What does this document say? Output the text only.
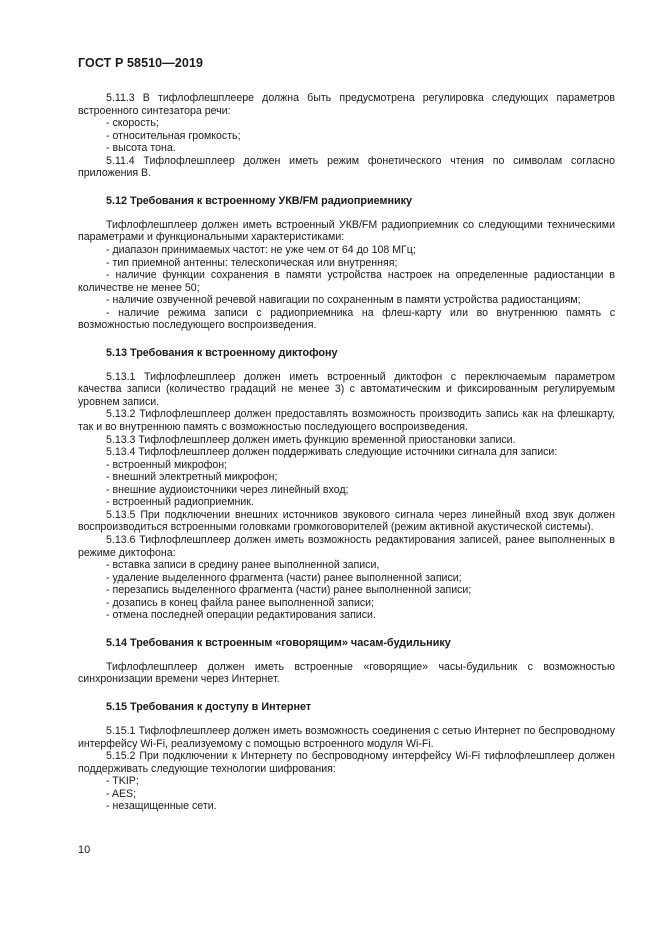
ГОСТ Р 58510—2019

5.11.3 В тифлофлешплеере должна быть предусмотрена регулировка следующих параметров встроенного синтезатора речи:

- скорость;

- относительная громкость;

- высота тона.

5.11.4 Тифлофлешплеер должен иметь режим фонетического чтения по символам согласно приложения В.

5.12 Требования к встроенному УКВ/FM радиоприемнику

Тифлофлешплеер должен иметь встроенный УКВ/FM радиоприемник со следующими техническими параметрами и функциональными характеристиками:

- диапазон принимаемых частот: не уже чем от 64 до 108 МГц;

- тип приемной антенны: телескопическая или внутренняя;

- наличие функции сохранения в памяти устройства настроек на определенные радиостанции в количестве не менее 50;

- наличие озвученной речевой навигации по сохраненным в памяти устройства радиостанциям;

- наличие режима записи с радиоприемника на флеш-карту или во внутреннюю память с возможностью последующего воспроизведения.

5.13 Требования к встроенному диктофону

5.13.1 Тифлофлешплеер должен иметь встроенный диктофон с переключаемым параметром качества записи (количество градаций не менее 3) с автоматическим и фиксированным регулируемым уровнем записи.

5.13.2 Тифлофлешплеер должен предоставлять возможность производить запись как на флешкарту, так и во внутреннюю память с возможностью последующего воспроизведения.

5.13.3 Тифлофлешплеер должен иметь функцию временной приостановки записи.

5.13.4 Тифлофлешплеер должен поддерживать следующие источники сигнала для записи:

- встроенный микрофон;

- внешний электретный микрофон;

- внешние аудиоисточники через линейный вход;

- встроенный радиоприемник.

5.13.5 При подключении внешних источников звукового сигнала через линейный вход звук должен воспроизводиться встроенными головками громкоговорителей (режим активной акустической системы).

5.13.6 Тифлофлешплеер должен иметь возможность редактирования записей, ранее выполненных в режиме диктофона:

- вставка записи в средину ранее выполненной записи,

- удаление выделенного фрагмента (части) ранее выполненной записи;

- перезапись выделенного фрагмента (части) ранее выполненной записи;

- дозапись в конец файла ранее выполненной записи;

- отмена последней операции редактирования записи.

5.14 Требования к встроенным «говорящим» часам-будильнику

Тифлофлешплеер должен иметь встроенные «говорящие» часы-будильник с возможностью синхронизации времени через Интернет.

5.15 Требования к доступу в Интернет

5.15.1 Тифлофлешплеер должен иметь возможность соединения с сетью Интернет по беспроводному интерфейсу Wi-Fi, реализуемому с помощью встроенного модуля Wi-Fi.

5.15.2 При подключении к Интернету по беспроводному интерфейсу Wi-Fi тифлофлешплеер должен поддерживать следующие технологии шифрования:

- TKIP;

- AES;

- незащищенные сети.

10
